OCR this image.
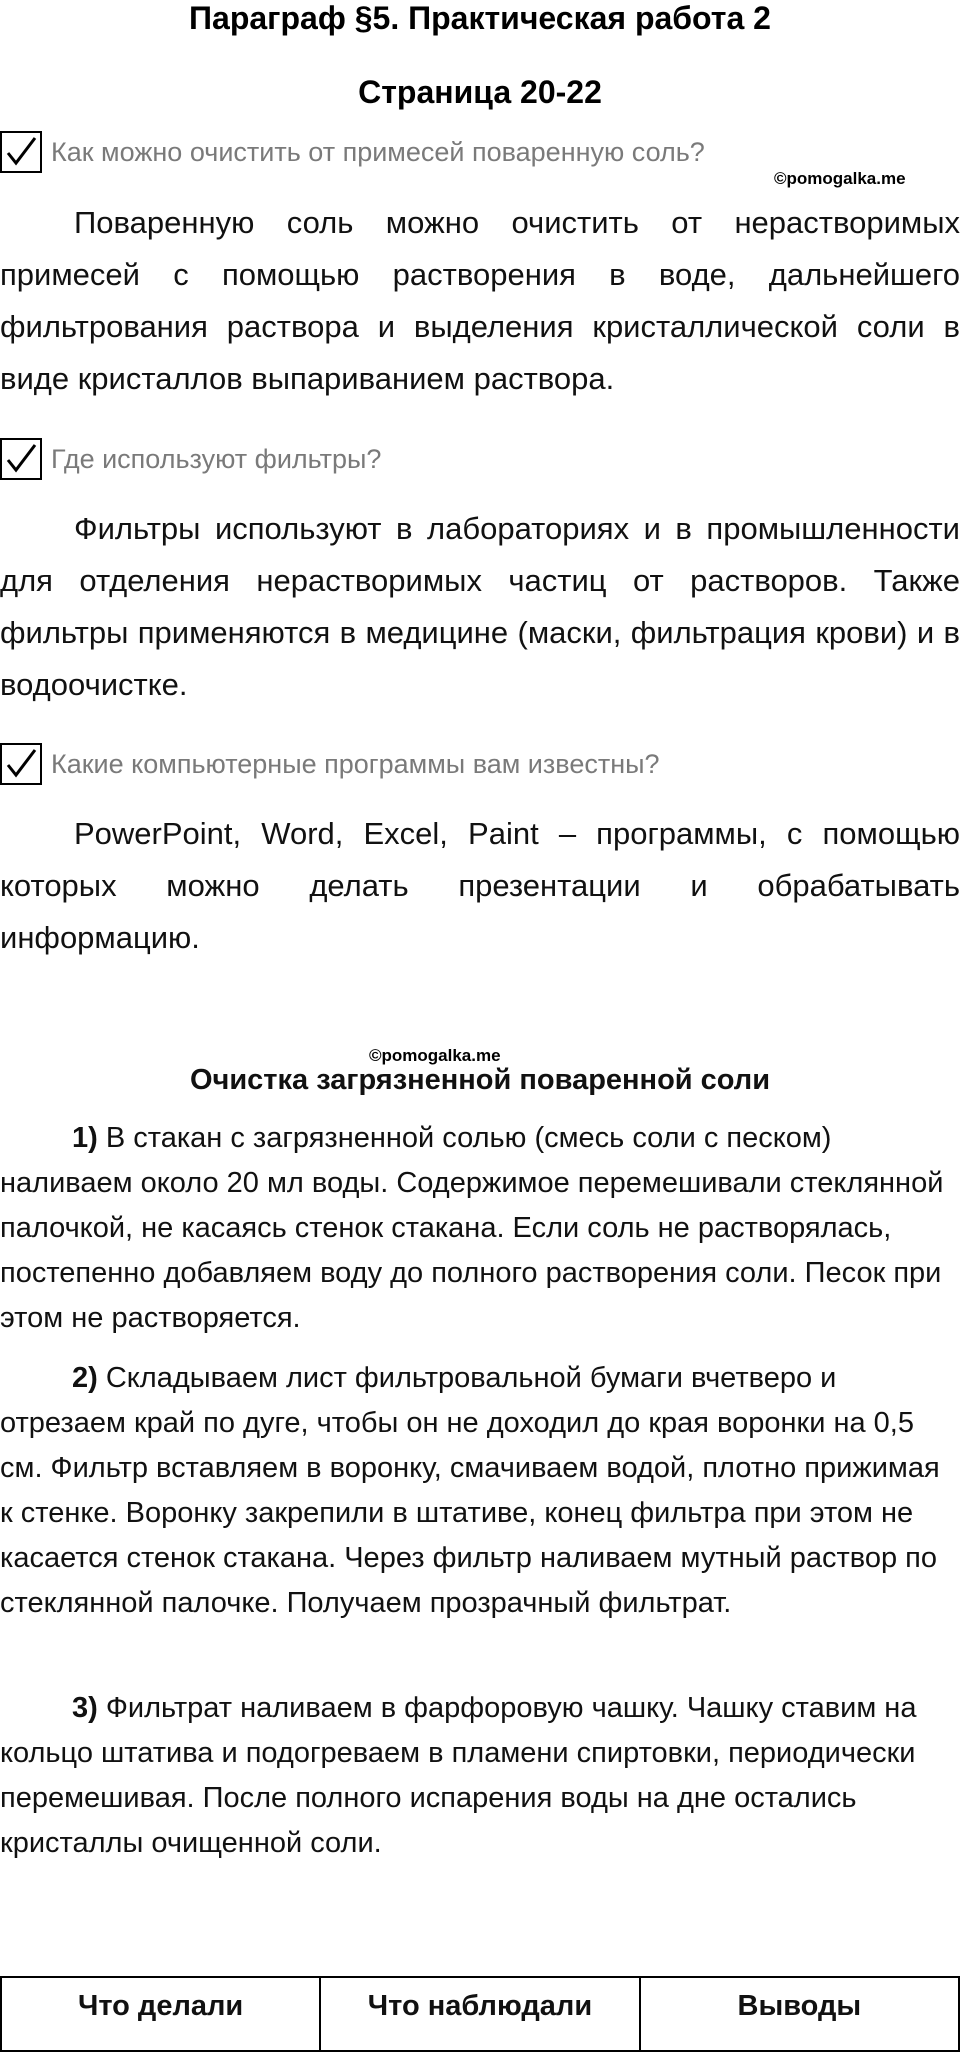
Параграф §5. Практическая работа 2
Страница 20-22
Как можно очистить от примесей поваренную соль?
©pomogalka.me

Поваренную соль можно очистить от нерастворимых примесей с помощью растворения в воде, дальнейшего фильтрования раствора и выделения кристаллической соли в виде кристаллов выпариванием раствора.

Где используют фильтры?

Фильтры используют в лабораториях и в промышленности для отделения нерастворимых частиц от растворов. Также фильтры применяются в медицине (маски, фильтрация крови) и в водоочистке.

Какие компьютерные программы вам известны?

PowerPoint, Word, Excel, Paint – программы, с помощью которых можно делать презентации и обрабатывать информацию.

©pomogalka.me
Очистка загрязненной поваренной соли

1) В стакан с загрязненной солью (смесь соли с песком) наливаем около 20 мл воды. Содержимое перемешивали стеклянной палочкой, не касаясь стенок стакана. Если соль не растворялась, постепенно добавляем воду до полного растворения соли. Песок при этом не растворяется.

2) Складываем лист фильтровальной бумаги вчетверо и отрезаем край по дуге, чтобы он не доходил до края воронки на 0,5 см. Фильтр вставляем в воронку, смачиваем водой, плотно прижимая к стенке. Воронку закрепили в штативе, конец фильтра при этом не касается стенок стакана. Через фильтр наливаем мутный раствор по стеклянной палочке. Получаем прозрачный фильтрат.

3) Фильтрат наливаем в фарфоровую чашку. Чашку ставим на кольцо штатива и подогреваем в пламени спиртовки, периодически перемешивая. После полного испарения воды на дне остались кристаллы очищенной соли.

Что делали	Что наблюдали	Выводы
